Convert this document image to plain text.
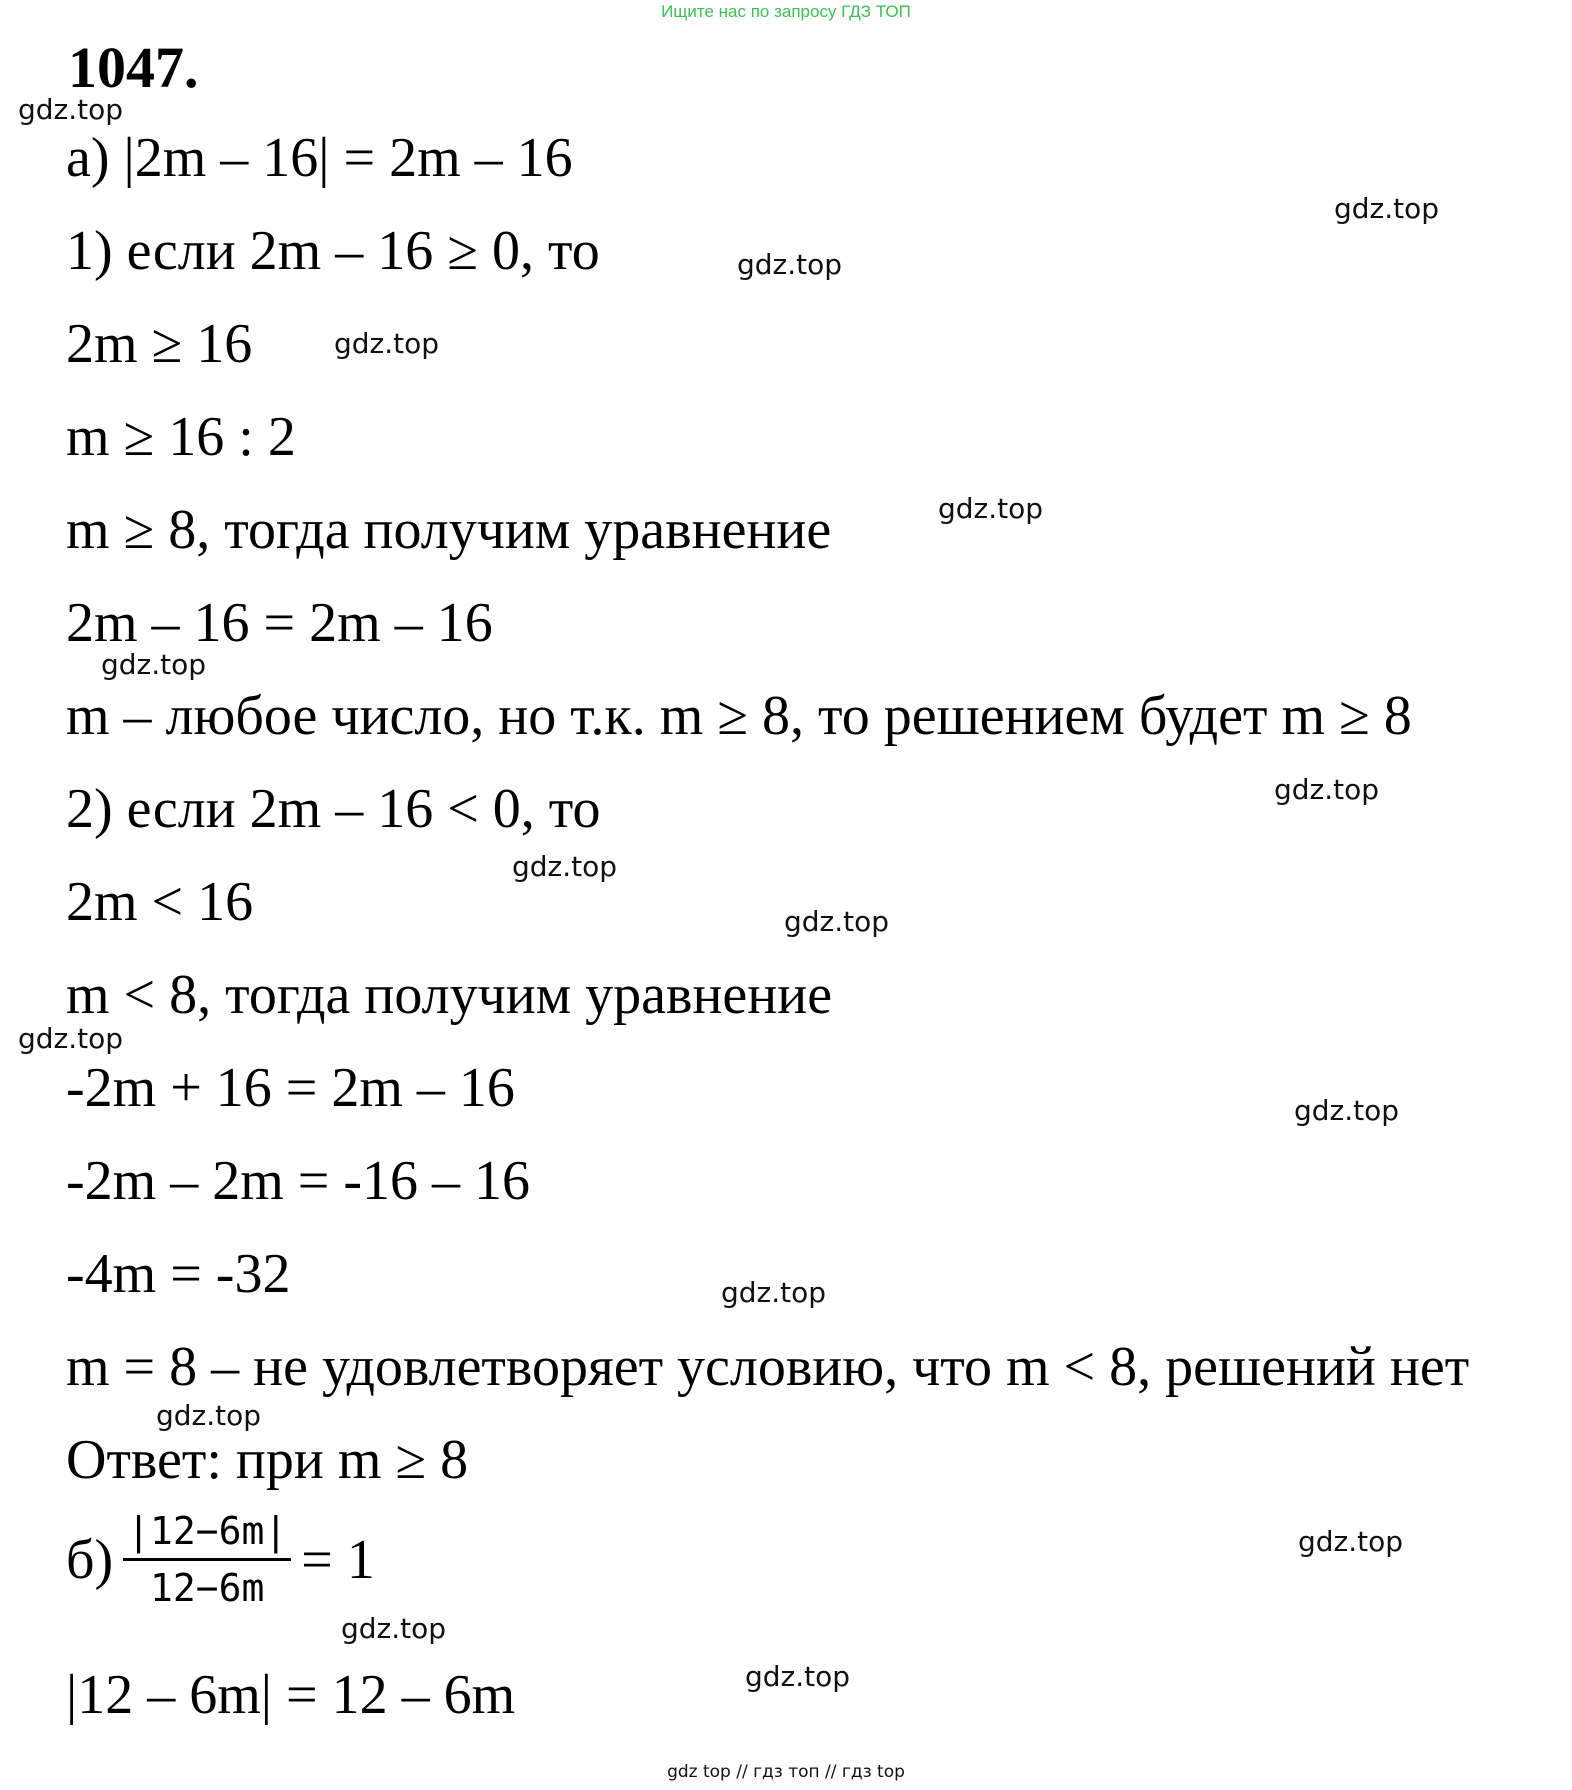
Ищите нас по запросу ГДЗ ТОП
1047.
а) |2m – 16| = 2m – 16
1) если 2m – 16 ≥ 0, то
2m ≥ 16
m ≥ 16 : 2
m ≥ 8, тогда получим уравнение
2m – 16 = 2m – 16
m – любое число, но т.к. m ≥ 8, то решением будет m ≥ 8
2) если 2m – 16 < 0, то
2m < 16
m < 8, тогда получим уравнение
-2m + 16 = 2m – 16
-2m – 2m = -16 – 16
-4m = -32
m = 8 – не удовлетворяет условию, что m < 8, решений нет
Ответ: при m ≥ 8
$б) \frac{|12-6m|}{12-6m} = 1$
|12 – 6m| = 12 – 6m
gdz.top
gdz.top
gdz.top
gdz.top
gdz.top
gdz.top
gdz.top
gdz.top
gdz.top
gdz.top
gdz.top
gdz.top
gdz.top
gdz.top
gdz.top
gdz.top
gdz top // гдз топ // гдз top
